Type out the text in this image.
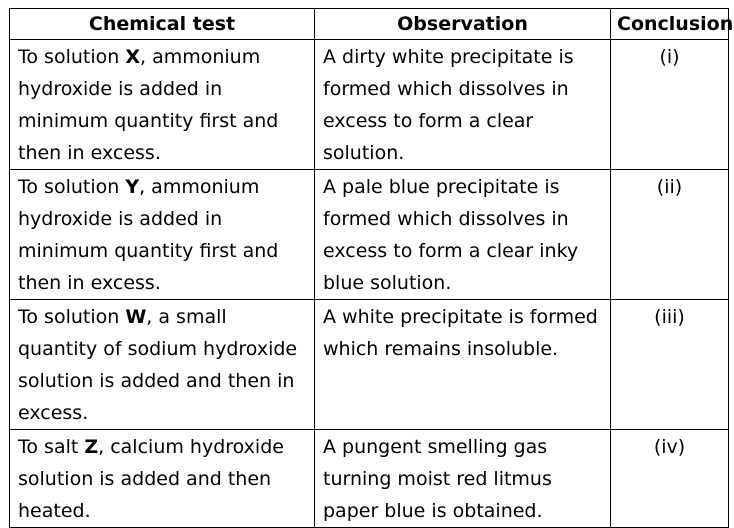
Chemical test	Observation	Conclusion
To solution X, ammonium hydroxide is added in minimum quantity first and then in excess.	A dirty white precipitate is formed which dissolves in excess to form a clear solution.	(i)
To solution Y, ammonium hydroxide is added in minimum quantity first and then in excess.	A pale blue precipitate is formed which dissolves in excess to form a clear inky blue solution.	(ii)
To solution W, a small quantity of sodium hydroxide solution is added and then in excess.	A white precipitate is formed which remains insoluble.	(iii)
To salt Z, calcium hydroxide solution is added and then heated.	A pungent smelling gas turning moist red litmus paper blue is obtained.	(iv)
